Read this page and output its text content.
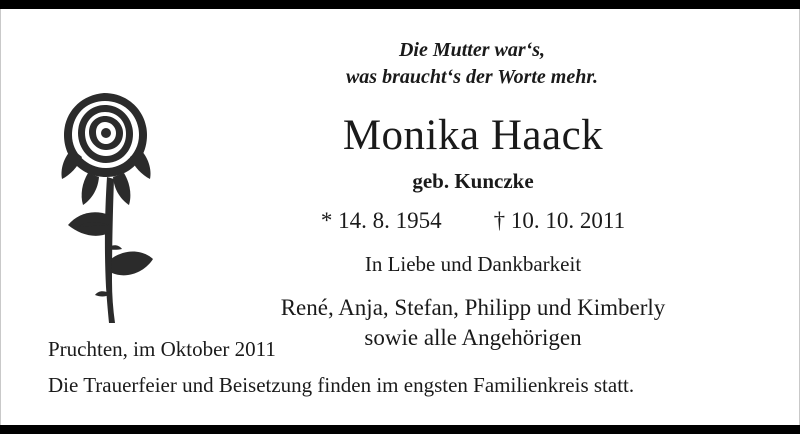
Die Mutter war‘s,
was braucht‘s der Worte mehr.
Monika Haack
geb. Kunczke
* 14. 8. 1954 † 10. 10. 2011
In Liebe und Dankbarkeit
René, Anja, Stefan, Philipp und Kimberly
sowie alle Angehörigen
Pruchten, im Oktober 2011
Die Trauerfeier und Beisetzung finden im engsten Familienkreis statt.
